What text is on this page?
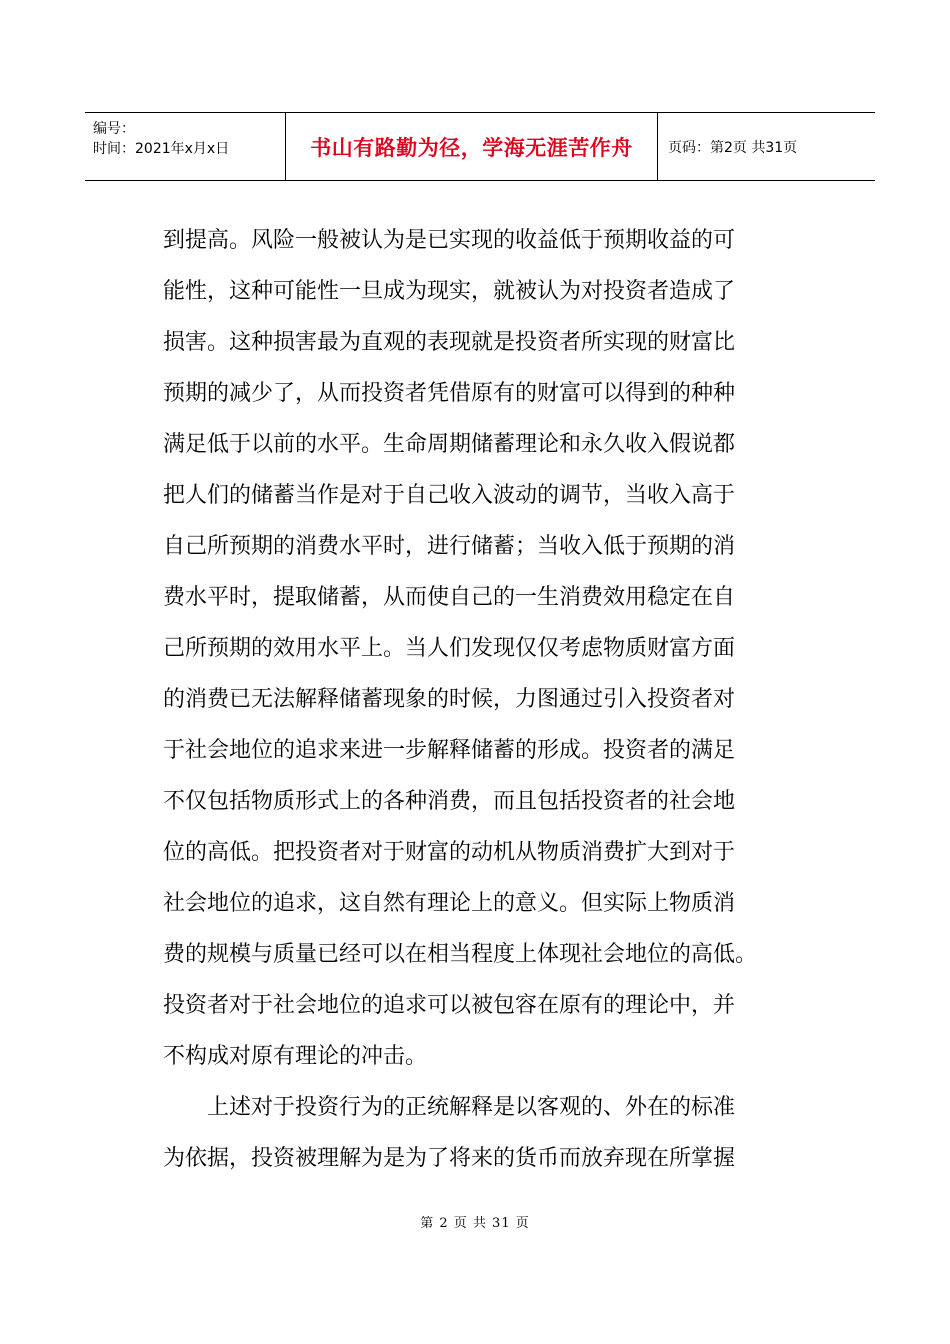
编号：
时间：2021年x月x日	书山有路勤为径，学海无涯苦作舟	页码：第2页 共31页
到提高。风险一般被认为是已实现的收益低于预期收益的可
能性，这种可能性一旦成为现实，就被认为对投资者造成了
损害。这种损害最为直观的表现就是投资者所实现的财富比
预期的减少了，从而投资者凭借原有的财富可以得到的种种
满足低于以前的水平。生命周期储蓄理论和永久收入假说都
把人们的储蓄当作是对于自己收入波动的调节，当收入高于
自己所预期的消费水平时，进行储蓄；当收入低于预期的消
费水平时，提取储蓄，从而使自己的一生消费效用稳定在自
己所预期的效用水平上。当人们发现仅仅考虑物质财富方面
的消费已无法解释储蓄现象的时候，力图通过引入投资者对
于社会地位的追求来进一步解释储蓄的形成。投资者的满足
不仅包括物质形式上的各种消费，而且包括投资者的社会地
位的高低。把投资者对于财富的动机从物质消费扩大到对于
社会地位的追求，这自然有理论上的意义。但实际上物质消
费的规模与质量已经可以在相当程度上体现社会地位的高低。
投资者对于社会地位的追求可以被包容在原有的理论中，并
不构成对原有理论的冲击。
上述对于投资行为的正统解释是以客观的、外在的标准
为依据，投资被理解为是为了将来的货币而放弃现在所掌握
第 2 页 共 31 页
